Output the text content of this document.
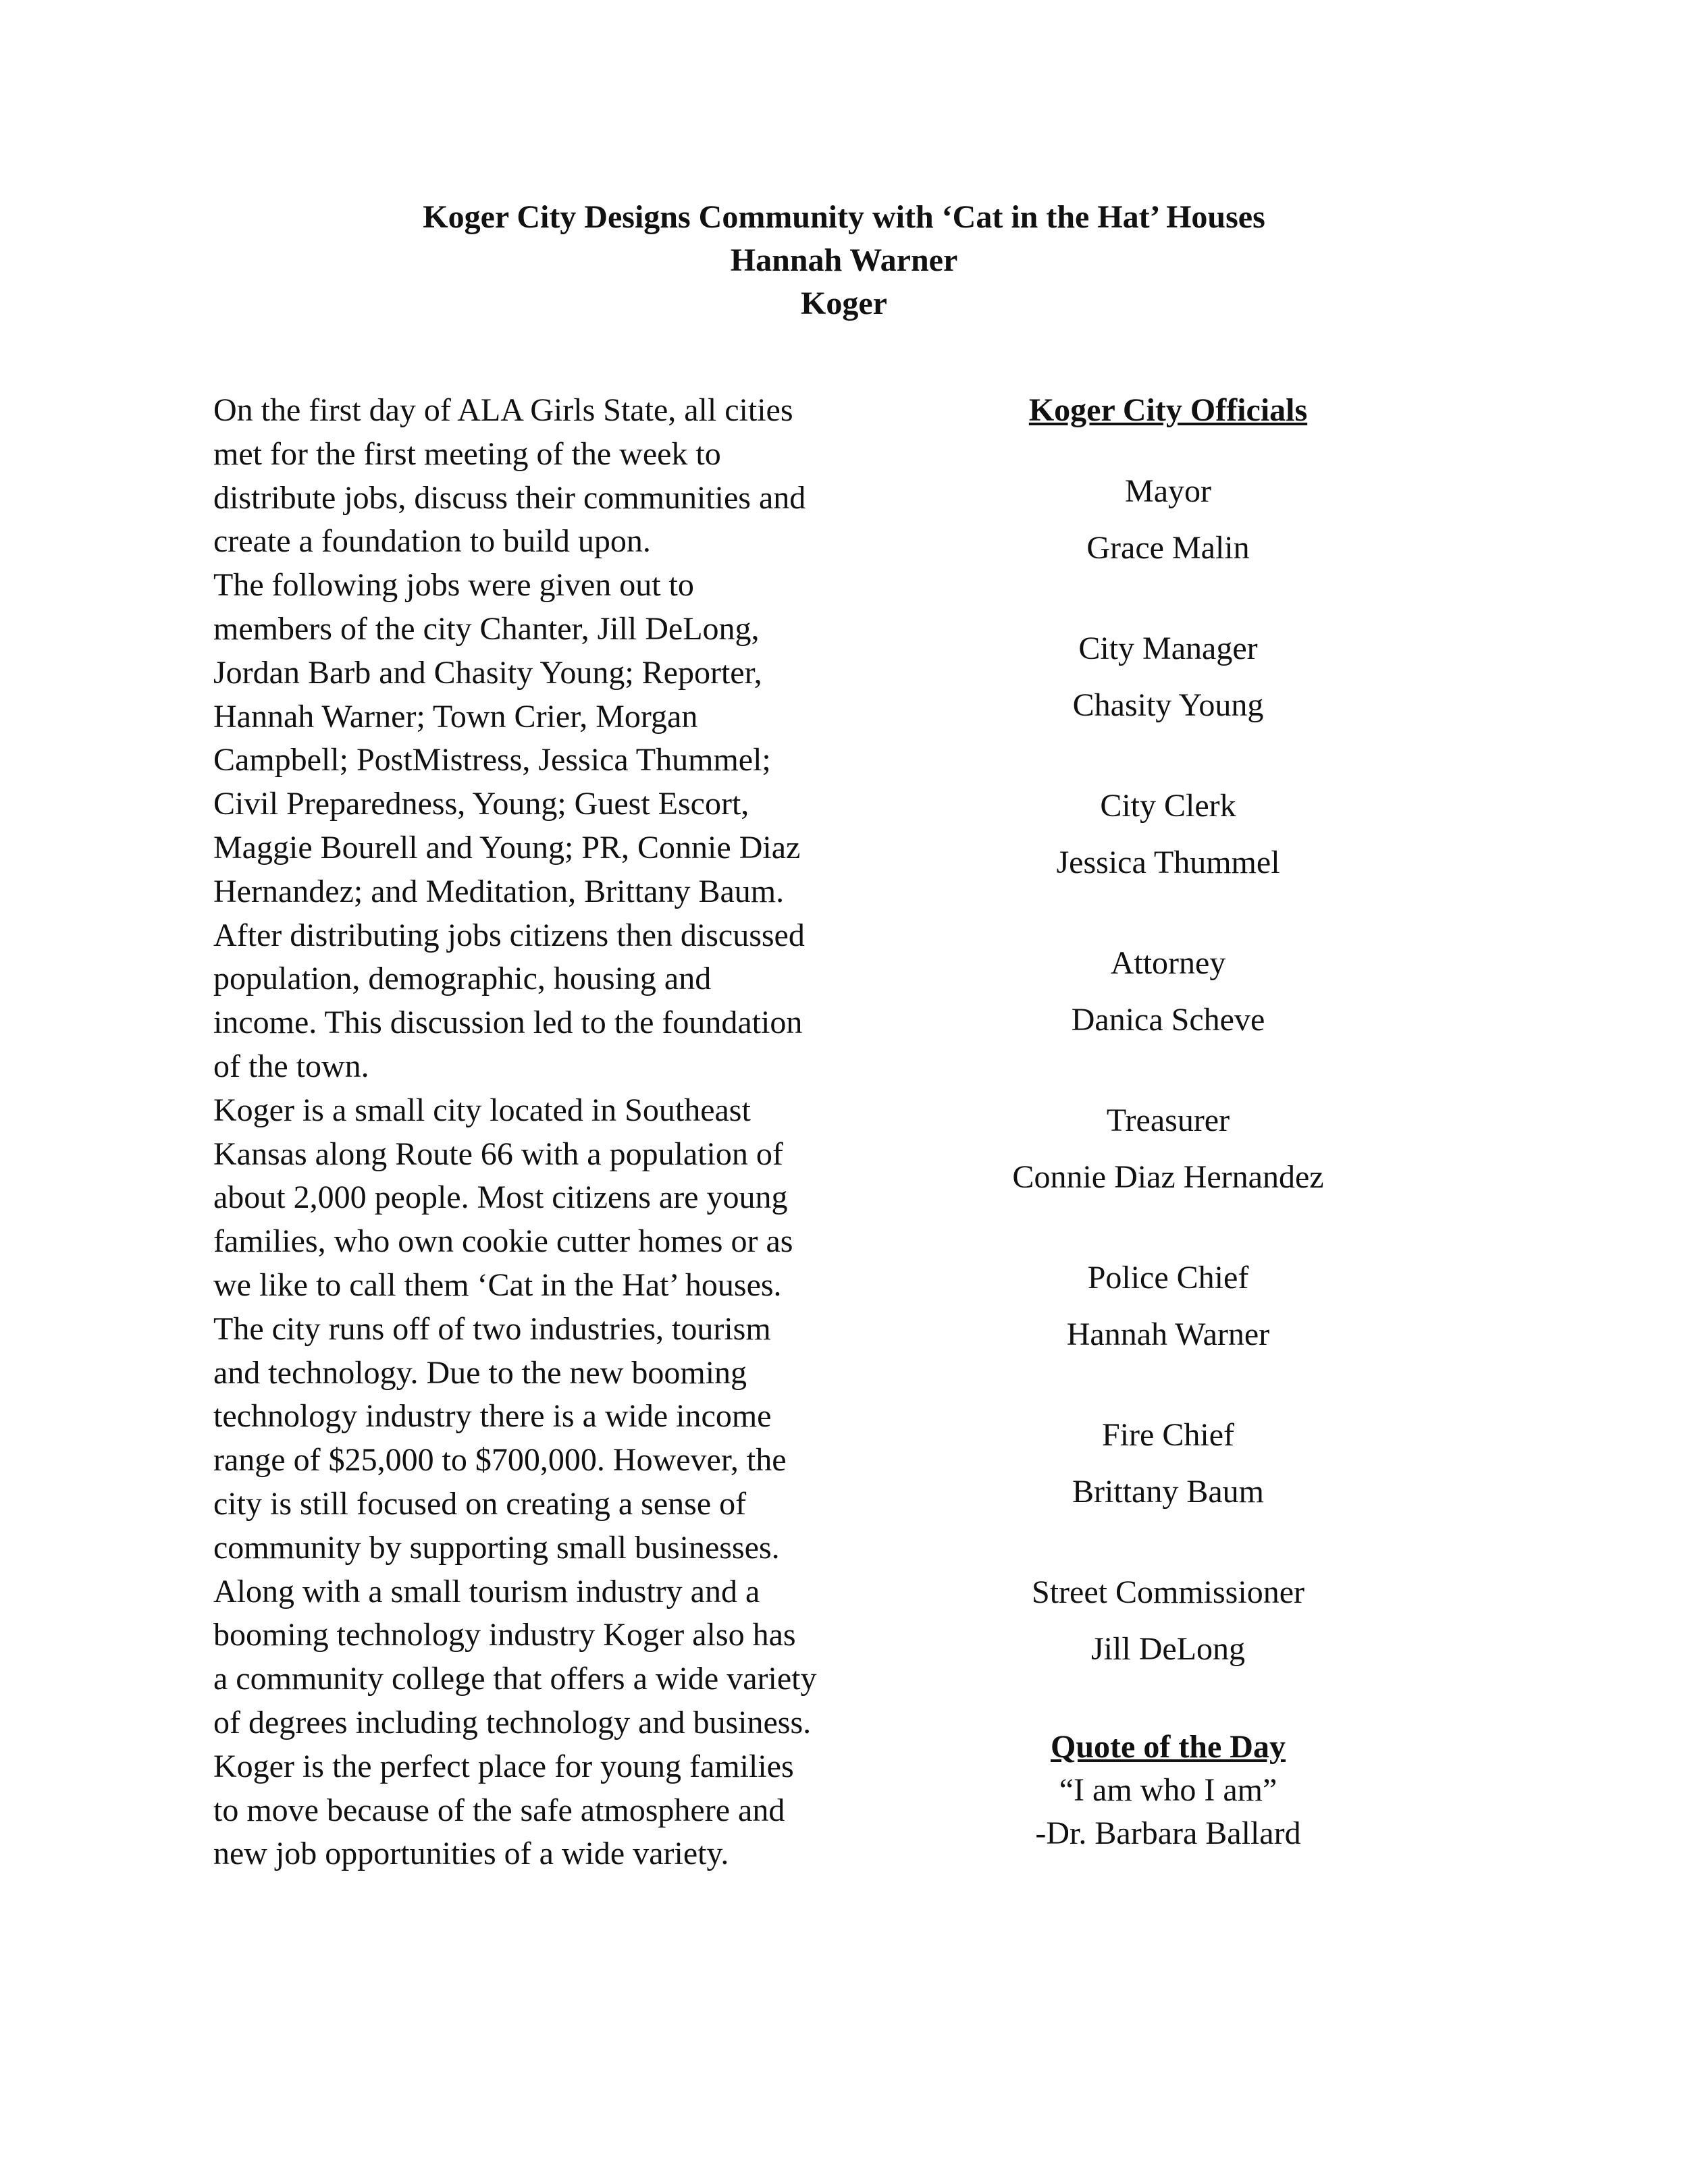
Koger City Designs Community with ‘Cat in the Hat’ Houses
Hannah Warner
Koger
On the first day of ALA Girls State, all cities
met for the first meeting of the week to
distribute jobs, discuss their communities and
create a foundation to build upon.
The following jobs were given out to
members of the city Chanter, Jill DeLong,
Jordan Barb and Chasity Young; Reporter,
Hannah Warner; Town Crier, Morgan
Campbell; PostMistress, Jessica Thummel;
Civil Preparedness, Young; Guest Escort,
Maggie Bourell and Young; PR, Connie Diaz
Hernandez; and Meditation, Brittany Baum.
After distributing jobs citizens then discussed
population, demographic, housing and
income. This discussion led to the foundation
of the town.
Koger is a small city located in Southeast
Kansas along Route 66 with a population of
about 2,000 people. Most citizens are young
families, who own cookie cutter homes or as
we like to call them ‘Cat in the Hat’ houses.
The city runs off of two industries, tourism
and technology. Due to the new booming
technology industry there is a wide income
range of $25,000 to $700,000. However, the
city is still focused on creating a sense of
community by supporting small businesses.
Along with a small tourism industry and a
booming technology industry Koger also has
a community college that offers a wide variety
of degrees including technology and business.
Koger is the perfect place for young families
to move because of the safe atmosphere and
new job opportunities of a wide variety.
Koger City Officials
Mayor
Grace Malin
City Manager
Chasity Young
City Clerk
Jessica Thummel
Attorney
Danica Scheve
Treasurer
Connie Diaz Hernandez
Police Chief
Hannah Warner
Fire Chief
Brittany Baum
Street Commissioner
Jill DeLong
Quote of the Day
“I am who I am”
-Dr. Barbara Ballard
